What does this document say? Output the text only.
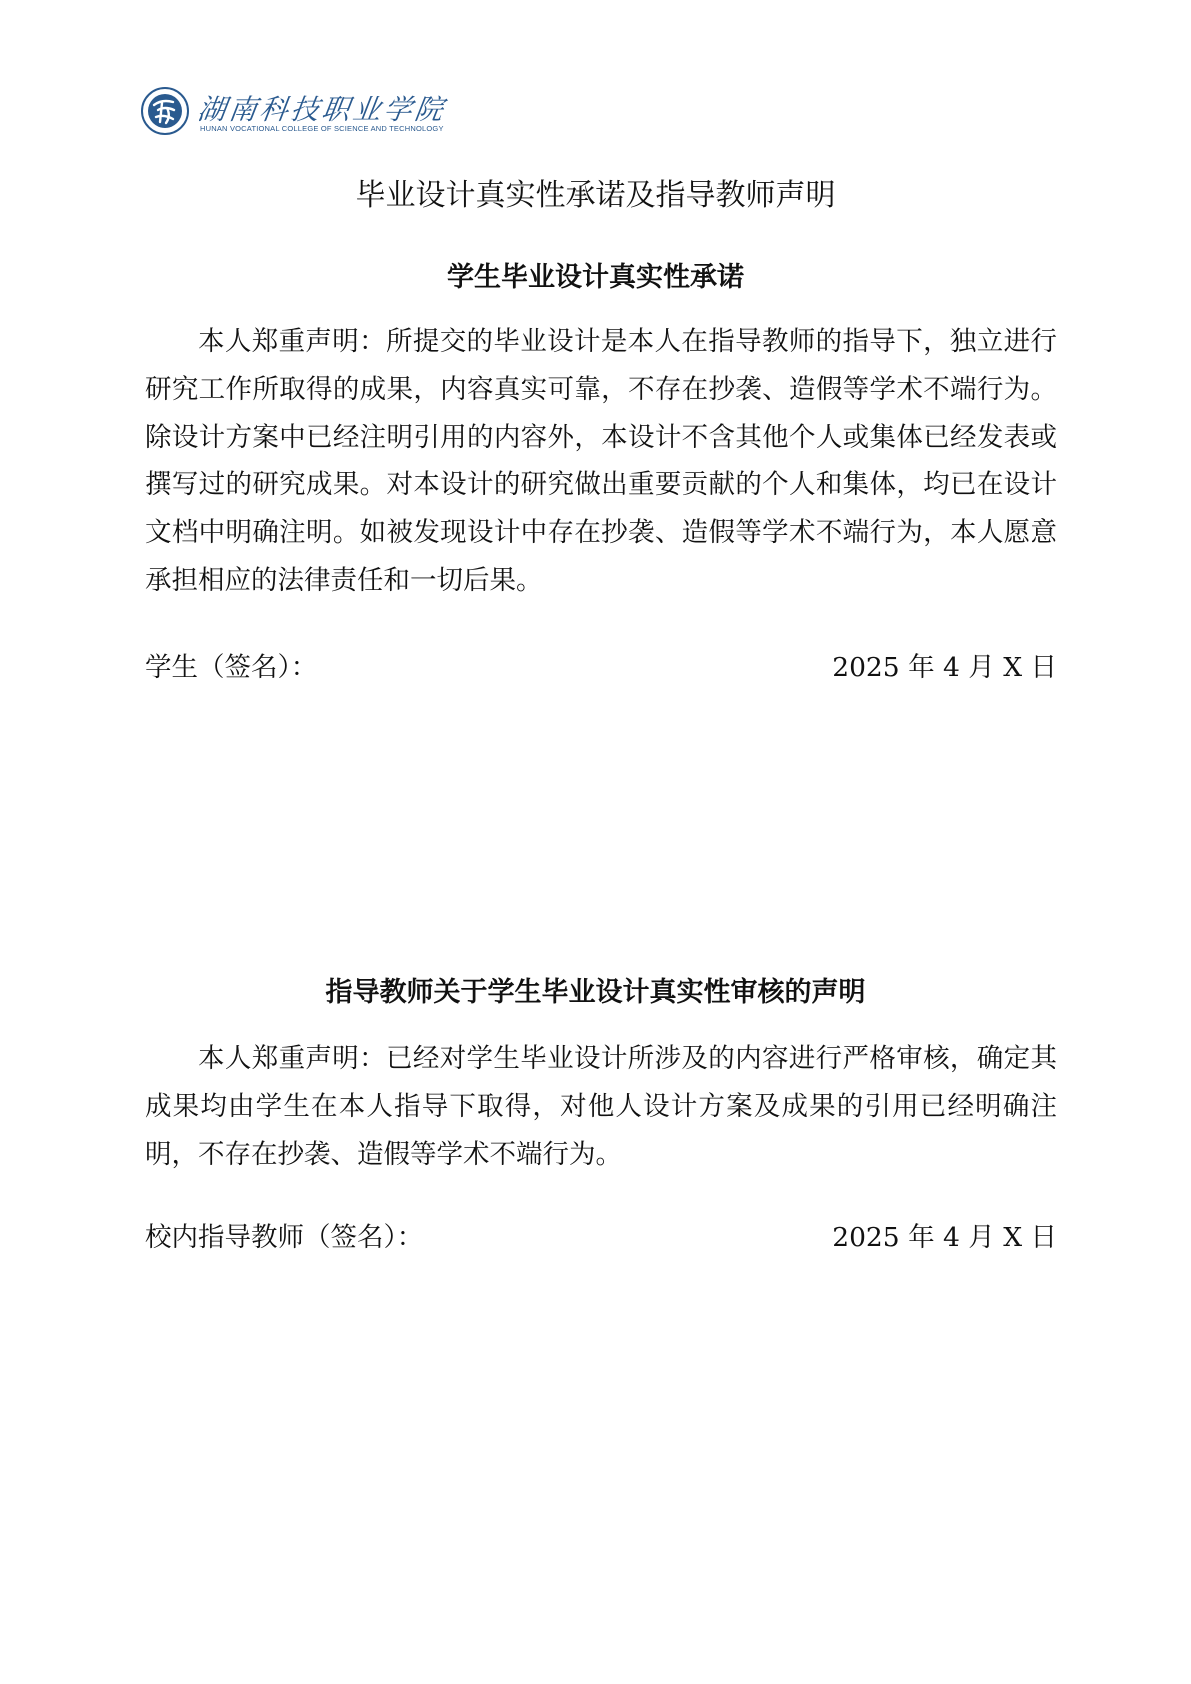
湖南科技职业学院
HUNAN VOCATIONAL COLLEGE OF SCIENCE AND TECHNOLOGY
毕业设计真实性承诺及指导教师声明
学生毕业设计真实性承诺

本人郑重声明：所提交的毕业设计是本人在指导教师的指导下，独立进行研究工作所取得的成果，内容真实可靠，不存在抄袭、造假等学术不端行为。除设计方案中已经注明引用的内容外，本设计不含其他个人或集体已经发表或撰写过的研究成果。对本设计的研究做出重要贡献的个人和集体，均已在设计文档中明确注明。如被发现设计中存在抄袭、造假等学术不端行为，本人愿意承担相应的法律责任和一切后果。

学生（签名）：	2025 年 4 月 X 日
指导教师关于学生毕业设计真实性审核的声明

本人郑重声明：已经对学生毕业设计所涉及的内容进行严格审核，确定其成果均由学生在本人指导下取得，对他人设计方案及成果的引用已经明确注明，不存在抄袭、造假等学术不端行为。

校内指导教师（签名）：	2025 年 4 月 X 日
